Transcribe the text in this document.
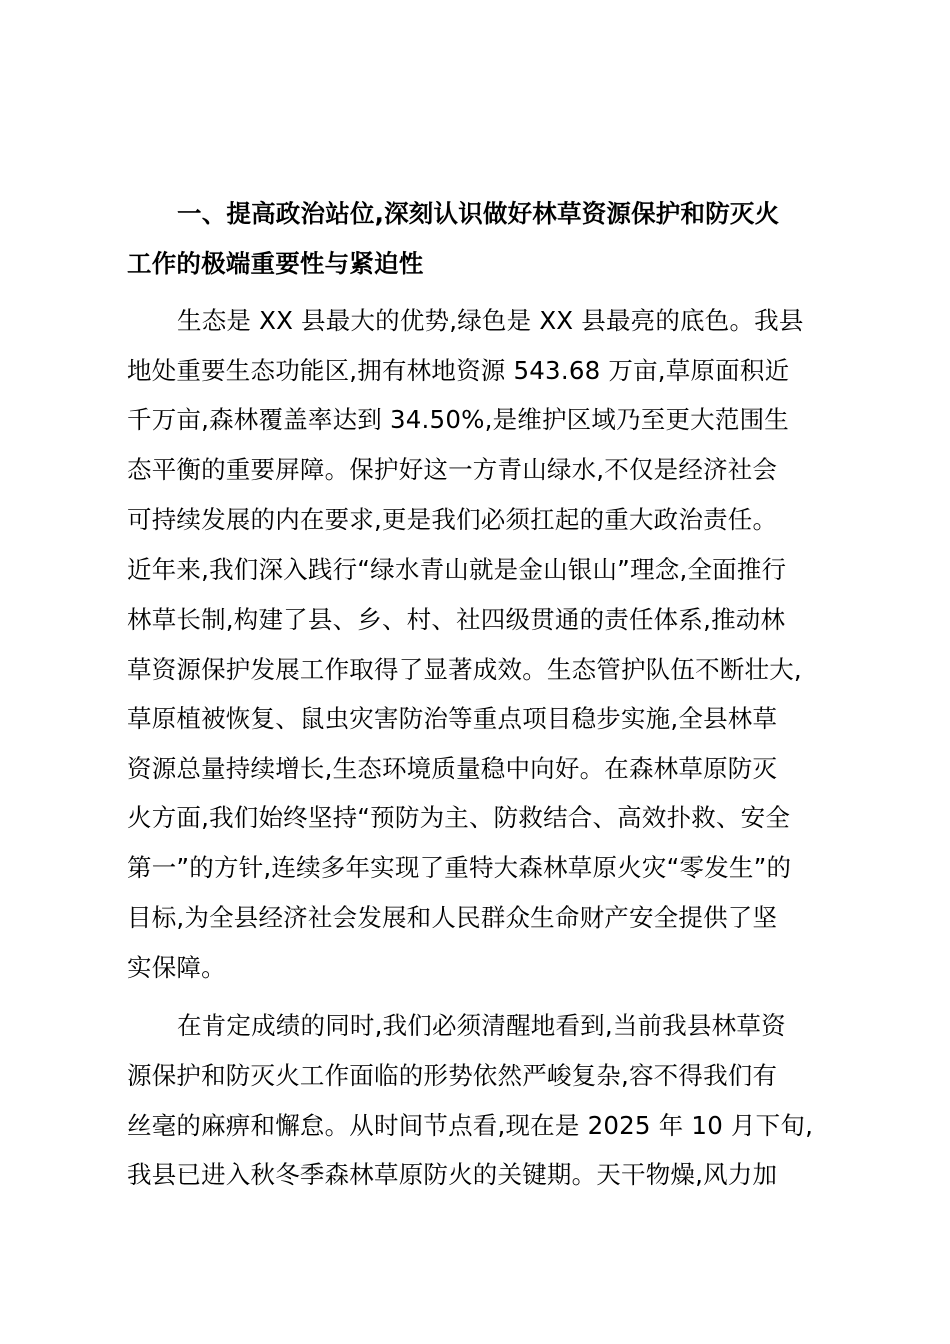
一、提高政治站位,深刻认识做好林草资源保护和防灭火
工作的极端重要性与紧迫性
生态是 XX 县最大的优势,绿色是 XX 县最亮的底色。我县
地处重要生态功能区,拥有林地资源 543.68 万亩,草原面积近
千万亩,森林覆盖率达到 34.50%,是维护区域乃至更大范围生
态平衡的重要屏障。保护好这一方青山绿水,不仅是经济社会
可持续发展的内在要求,更是我们必须扛起的重大政治责任。
近年来,我们深入践行“绿水青山就是金山银山”理念,全面推行
林草长制,构建了县、乡、村、社四级贯通的责任体系,推动林
草资源保护发展工作取得了显著成效。生态管护队伍不断壮大,
草原植被恢复、鼠虫灾害防治等重点项目稳步实施,全县林草
资源总量持续增长,生态环境质量稳中向好。在森林草原防灭
火方面,我们始终坚持“预防为主、防救结合、高效扑救、安全
第一”的方针,连续多年实现了重特大森林草原火灾“零发生”的
目标,为全县经济社会发展和人民群众生命财产安全提供了坚
实保障。
在肯定成绩的同时,我们必须清醒地看到,当前我县林草资
源保护和防灭火工作面临的形势依然严峻复杂,容不得我们有
丝毫的麻痹和懈怠。从时间节点看,现在是 2025 年 10 月下旬,
我县已进入秋冬季森林草原防火的关键期。天干物燥,风力加
